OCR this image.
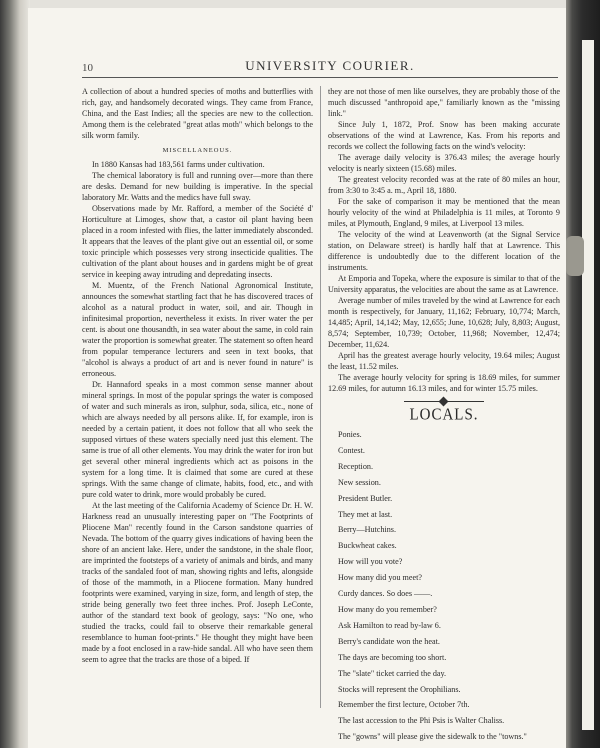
10	UNIVERSITY COURIER.

A collection of about a hundred species of moths and butterflies with rich, gay, and handsomely decorated wings. They came from France, China, and the East Indies; all the species are new to the collection. Among them is the celebrated "great atlas moth" which belongs to the silk worm family.

MISCELLANEOUS.

In 1880 Kansas had 183,561 farms under cultivation.

The chemical laboratory is full and running over—more than there are desks. Demand for new building is imperative. In the special laboratory Mr. Watts and the medics have full sway.

Observations made by Mr. Rafford, a member of the Société d' Horticulture at Limoges, show that, a castor oil plant having been placed in a room infested with flies, the latter immediately absconded. It appears that the leaves of the plant give out an essential oil, or some toxic principle which possesses very strong insecticide qualities. The cultivation of the plant about houses and in gardens might be of great service in keeping away intruding and depredating insects.

M. Muentz, of the French National Agronomical Institute, announces the somewhat startling fact that he has discovered traces of alcohol as a natural product in water, soil, and air. Though in infinitesimal proportion, nevertheless it exists. In river water the per cent. is about one thousandth, in sea water about the same, in cold rain water the proportion is somewhat greater. The statement so often heard from popular temperance lecturers and seen in text books, that "alcohol is always a product of art and is never found in nature" is erroneous.

Dr. Hannaford speaks in a most common sense manner about mineral springs. In most of the popular springs the water is composed of water and such minerals as iron, sulphur, soda, silica, etc., none of which are always needed by all persons alike. If, for example, iron is needed by a certain patient, it does not follow that all who seek the supposed virtues of these waters specially need just this element. The same is true of all other elements. You may drink the water for iron but get several other mineral ingredients which act as poisons in the system for a long time. It is claimed that some are cured at these springs. With the same change of climate, habits, food, etc., and with pure cold water to drink, more would probably be cured.

At the last meeting of the California Academy of Science Dr. H. W. Harkness read an unusually interesting paper on "The Footprints of Pliocene Man" recently found in the Carson sandstone quarries of Nevada. The bottom of the quarry gives indications of having been the shore of an ancient lake. Here, under the sandstone, in the shale floor, are imprinted the footsteps of a variety of animals and birds, and many tracks of the sandaled foot of man, showing rights and lefts, alongside of those of the mammoth, in a Pliocene formation. Many hundred footprints were examined, varying in size, form, and length of step, the stride being generally two feet three inches. Prof. Joseph LeConte, author of the standard text book of geology, says: "No one, who studied the tracks, could fail to observe their remarkable general resemblance to human foot-prints." He thought they might have been made by a foot enclosed in a raw-hide sandal. All who have seen them seem to agree that the tracks are those of a biped. If

they are not those of men like ourselves, they are probably those of the much discussed "anthropoid ape," familiarly known as the "missing link."

Since July 1, 1872, Prof. Snow has been making accurate observations of the wind at Lawrence, Kas. From his reports and records we collect the following facts on the wind's velocity:

The average daily velocity is 376.43 miles; the average hourly velocity is nearly sixteen (15.68) miles.

The greatest velocity recorded was at the rate of 80 miles an hour, from 3:30 to 3:45 a. m., April 18, 1880.

For the sake of comparison it may be mentioned that the mean hourly velocity of the wind at Philadelphia is 11 miles, at Toronto 9 miles, at Plymouth, England, 9 miles, at Liverpool 13 miles.

The velocity of the wind at Leavenworth (at the Signal Service station, on Delaware street) is hardly half that at Lawrence. This difference is undoubtedly due to the different location of the instruments.

At Emporia and Topeka, where the exposure is similar to that of the University apparatus, the velocities are about the same as at Lawrence.

Average number of miles traveled by the wind at Lawrence for each month is respectively, for January, 11,162; February, 10,774; March, 14,485; April, 14,142; May, 12,655; June, 10,628; July, 8,803; August, 8,574; September, 10,739; October, 11,968; November, 12,474; December, 11,624.

April has the greatest average hourly velocity, 19.64 miles; August the least, 11.52 miles.

The average hourly velocity for spring is 18.69 miles, for summer 12.69 miles, for autumn 16.13 miles, and for winter 15.75 miles.

LOCALS.

Ponies.

Contest.

Reception.

New session.

President Butler.

They met at last.

Berry—Hutchins.

Buckwheat cakes.

How will you vote?

How many did you meet?

Curdy dances. So does ——.

How many do you remember?

Ask Hamilton to read by-law 6.

Berry's candidate won the heat.

The days are becoming too short.

The "slate" ticket carried the day.

Stocks will represent the Orophilians.

Remember the first lecture, October 7th.

The last accession to the Phi Psis is Walter Chaliss.

The "gowns" will please give the sidewalk to the "towns."
